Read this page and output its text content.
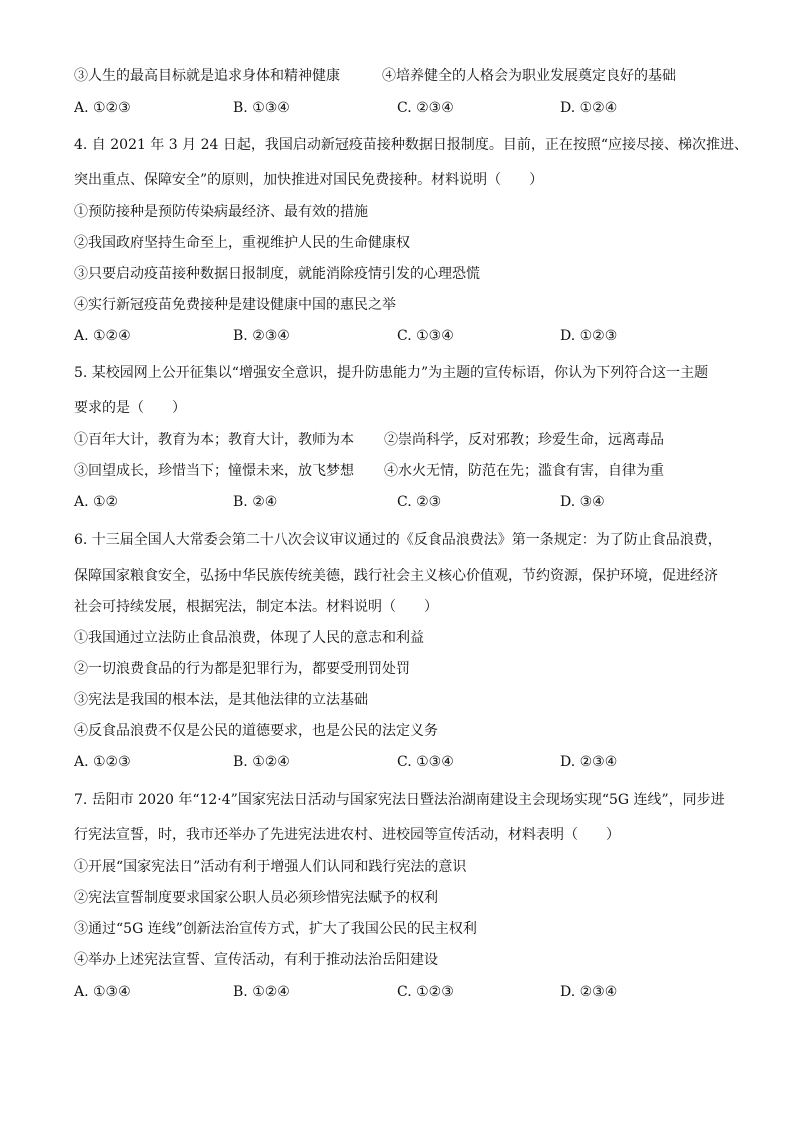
③人生的最高目标就是追求身体和精神健康	④培养健全的人格会为职业发展奠定良好的基础
A. ①②③	B. ①③④	C. ②③④	D. ①②④
4. 自 2021 年 3 月 24 日起，我国启动新冠疫苗接种数据日报制度。目前，正在按照“应接尽接、梯次推进、
突出重点、保障安全”的原则，加快推进对国民免费接种。材料说明（　　）
①预防接种是预防传染病最经济、最有效的措施
②我国政府坚持生命至上，重视维护人民的生命健康权
③只要启动疫苗接种数据日报制度，就能消除疫情引发的心理恐慌
④实行新冠疫苗免费接种是建设健康中国的惠民之举
A. ①②④	B. ②③④	C. ①③④	D. ①②③
5. 某校园网上公开征集以“增强安全意识，提升防患能力”为主题的宣传标语，你认为下列符合这一主题
要求的是（　　）
①百年大计，教育为本；教育大计，教师为本 ②崇尚科学，反对邪教；珍爱生命，远离毒品
③回望成长，珍惜当下；憧憬未来，放飞梦想 ④水火无情，防范在先；滥食有害，自律为重
A. ①②	B. ②④	C. ②③	D. ③④
6. 十三届全国人大常委会第二十八次会议审议通过的《反食品浪费法》第一条规定：为了防止食品浪费，
保障国家粮食安全，弘扬中华民族传统美德，践行社会主义核心价值观，节约资源，保护环境，促进经济
社会可持续发展，根据宪法，制定本法。材料说明（　　）
①我国通过立法防止食品浪费，体现了人民的意志和利益
②一切浪费食品的行为都是犯罪行为，都要受刑罚处罚
③宪法是我国的根本法，是其他法律的立法基础
④反食品浪费不仅是公民的道德要求，也是公民的法定义务
A. ①②③	B. ①②④	C. ①③④	D. ②③④
7. 岳阳市 2020 年“12·4”国家宪法日活动与国家宪法日暨法治湖南建设主会现场实现“5G 连线”，同步进
行宪法宣誓，时，我市还举办了先进宪法进农村、进校园等宣传活动，材料表明（　　）
①开展“国家宪法日”活动有利于增强人们认同和践行宪法的意识
②宪法宣誓制度要求国家公职人员必须珍惜宪法赋予的权利
③通过“5G 连线”创新法治宣传方式，扩大了我国公民的民主权利
④举办上述宪法宣誓、宣传活动，有利于推动法治岳阳建设
A. ①③④	B. ①②④	C. ①②③	D. ②③④
